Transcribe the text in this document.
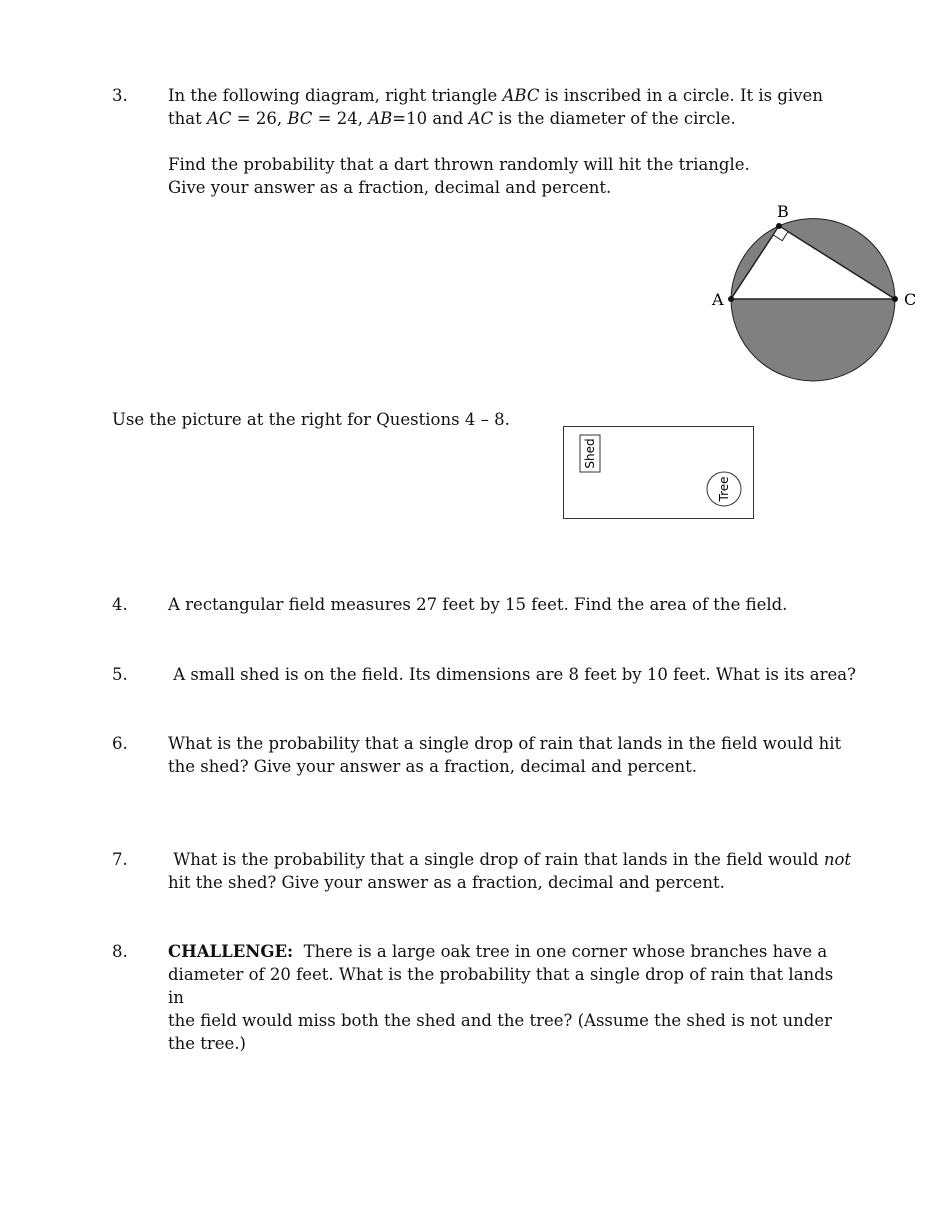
3. In the following diagram, right triangle ABC is inscribed in a circle. It is given

that AC = 26, BC = 24, AB=10 and AC is the diameter of the circle.

Find the probability that a dart thrown randomly will hit the triangle.

Give your answer as a fraction, decimal and percent.

A
B
C
Use the picture at the right for Questions 4 – 8.
Shed
Tree
4. A rectangular field measures 27 feet by 15 feet. Find the area of the field.

5. A small shed is on the field. Its dimensions are 8 feet by 10 feet. What is its area?

6. What is the probability that a single drop of rain that lands in the field would hit

the shed? Give your answer as a fraction, decimal and percent.

7. What is the probability that a single drop of rain that lands in the field would not

hit the shed? Give your answer as a fraction, decimal and percent.

8. CHALLENGE:  There is a large oak tree in one corner whose branches have a

diameter of 20 feet. What is the probability that a single drop of rain that lands in

the field would miss both the shed and the tree? (Assume the shed is not under

the tree.)
